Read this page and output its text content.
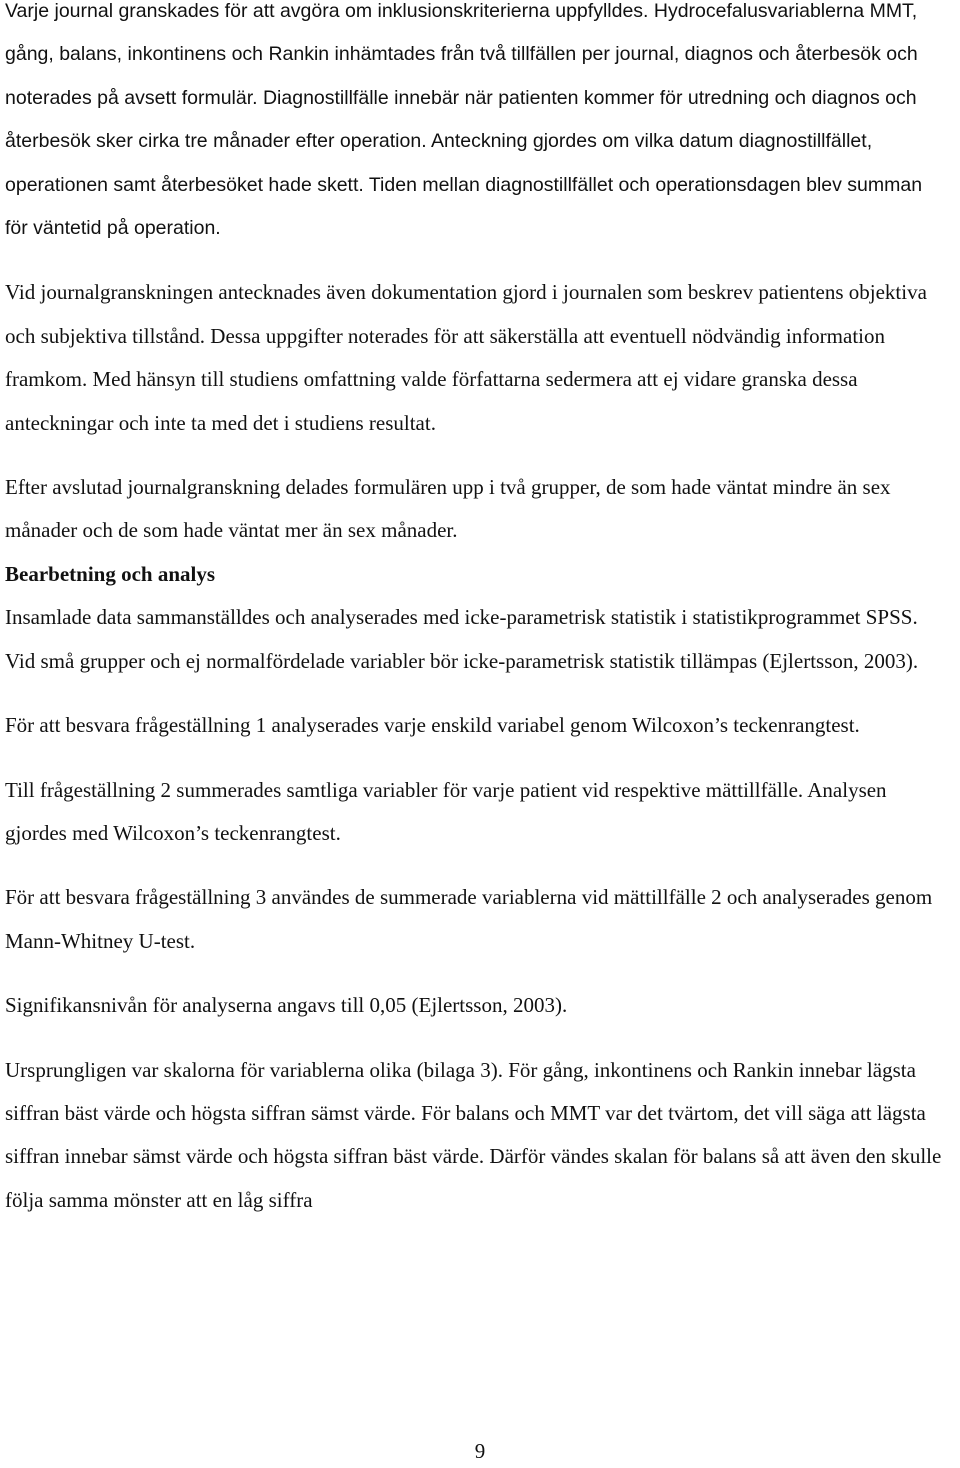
Varje journal granskades för att avgöra om inklusionskriterierna uppfylldes. Hydrocefalusvariablerna MMT, gång, balans, inkontinens och Rankin inhämtades från två tillfällen per journal, diagnos och återbesök och noterades på avsett formulär. Diagnostillfälle innebär när patienten kommer för utredning och diagnos och återbesök sker cirka tre månader efter operation. Anteckning gjordes om vilka datum diagnostillfället, operationen samt återbesöket hade skett. Tiden mellan diagnostillfället och operationsdagen blev summan för väntetid på operation.

Vid journalgranskningen antecknades även dokumentation gjord i journalen som beskrev patientens objektiva och subjektiva tillstånd. Dessa uppgifter noterades för att säkerställa att eventuell nödvändig information framkom. Med hänsyn till studiens omfattning valde författarna sedermera att ej vidare granska dessa anteckningar och inte ta med det i studiens resultat.

Efter avslutad journalgranskning delades formulären upp i två grupper, de som hade väntat mindre än sex månader och de som hade väntat mer än sex månader.

Bearbetning och analys

Insamlade data sammanställdes och analyserades med icke-parametrisk statistik i statistikprogrammet SPSS. Vid små grupper och ej normalfördelade variabler bör icke-parametrisk statistik tillämpas (Ejlertsson, 2003).

För att besvara frågeställning 1 analyserades varje enskild variabel genom Wilcoxon’s teckenrangtest.

Till frågeställning 2 summerades samtliga variabler för varje patient vid respektive mättillfälle. Analysen gjordes med Wilcoxon’s teckenrangtest.

För att besvara frågeställning 3 användes de summerade variablerna vid mättillfälle 2 och analyserades genom Mann-Whitney U-test.

Signifikansnivån för analyserna angavs till 0,05 (Ejlertsson, 2003).

Ursprungligen var skalorna för variablerna olika (bilaga 3). För gång, inkontinens och Rankin innebar lägsta siffran bäst värde och högsta siffran sämst värde. För balans och MMT var det tvärtom, det vill säga att lägsta siffran innebar sämst värde och högsta siffran bäst värde. Därför vändes skalan för balans så att även den skulle följa samma mönster att en låg siffra

9
